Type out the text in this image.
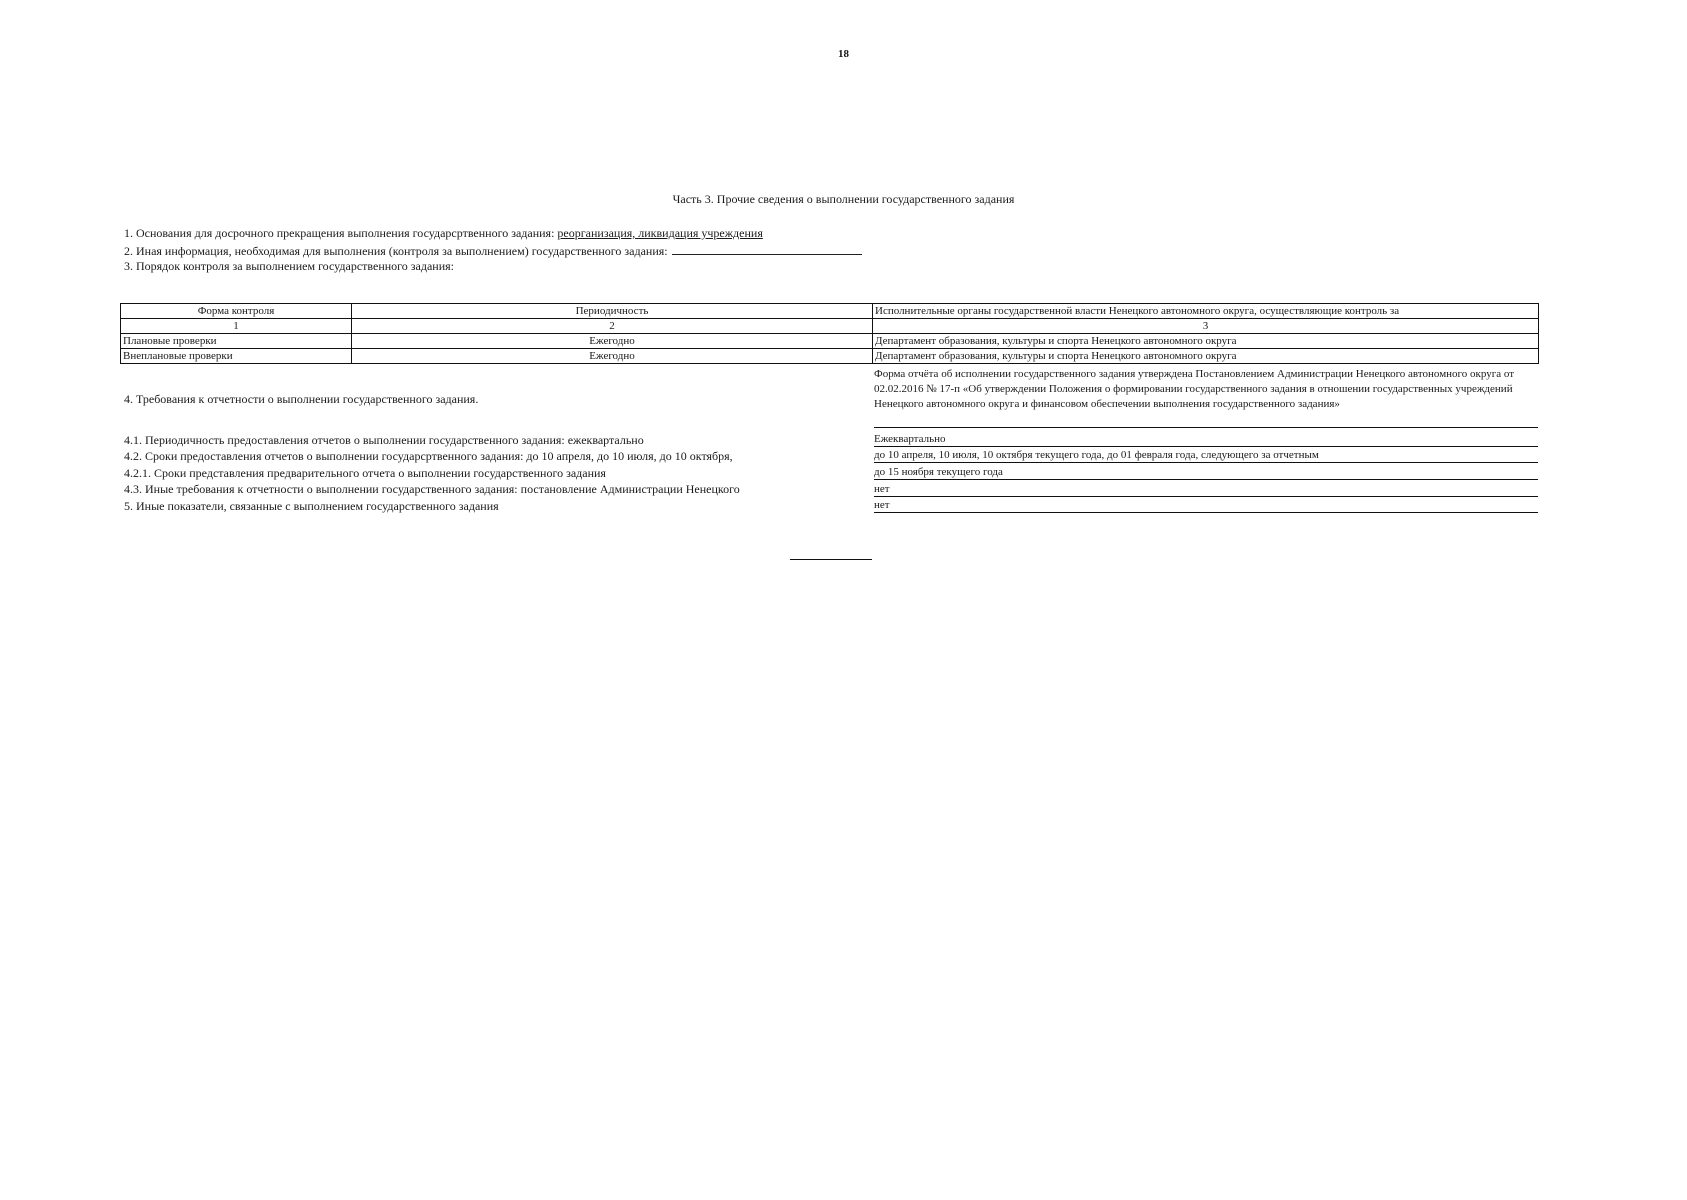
18
Часть 3. Прочие сведения о выполнении государственного задания
1. Основания для досрочного прекращения выполнения государсртвенного задания: реорганизация, ликвидация учреждения
2. Иная информация, необходимая для выполнения (контроля за выполнением) государственного задания:
3. Порядок контроля за выполнением государственного задания:
Форма контроля	Периодичность	Исполнительные органы государственной власти Ненецкого автономного округа, осуществляющие контроль за
1	2	3
Плановые проверки	Ежегодно	Департамент образования, культуры и спорта Ненецкого автономного округа
Внеплановые проверки	Ежегодно	Департамент образования, культуры и спорта Ненецкого автономного округа
4. Требования к отчетности о выполнении государственного задания.
Форма отчёта об исполнении государственного задания утверждена Постановлением Администрации Ненецкого автономного округа от 02.02.2016 № 17-п «Об утверждении Положения о формировании государственного задания в отношении государственных учреждений Ненецкого автономного округа и финансовом обеспечении выполнения государственного задания»
4.1. Периодичность предоставления отчетов о выполнении государственного задания: ежеквартально	Ежеквартально
4.2. Сроки предоставления отчетов о выполнении государсртвенного задания: до 10 апреля, до 10 июля, до 10 октября,	до 10 апреля, 10 июля, 10 октября текущего года, до 01 февраля года, следующего за отчетным
4.2.1. Сроки представления предварительного отчета о выполнении государственного задания	до 15 ноября текущего года
4.3. Иные требования к отчетности о выполнении государственного задания: постановление Администрации Ненецкого	нет
5. Иные показатели, связанные с выполнением государственного задания	нет
